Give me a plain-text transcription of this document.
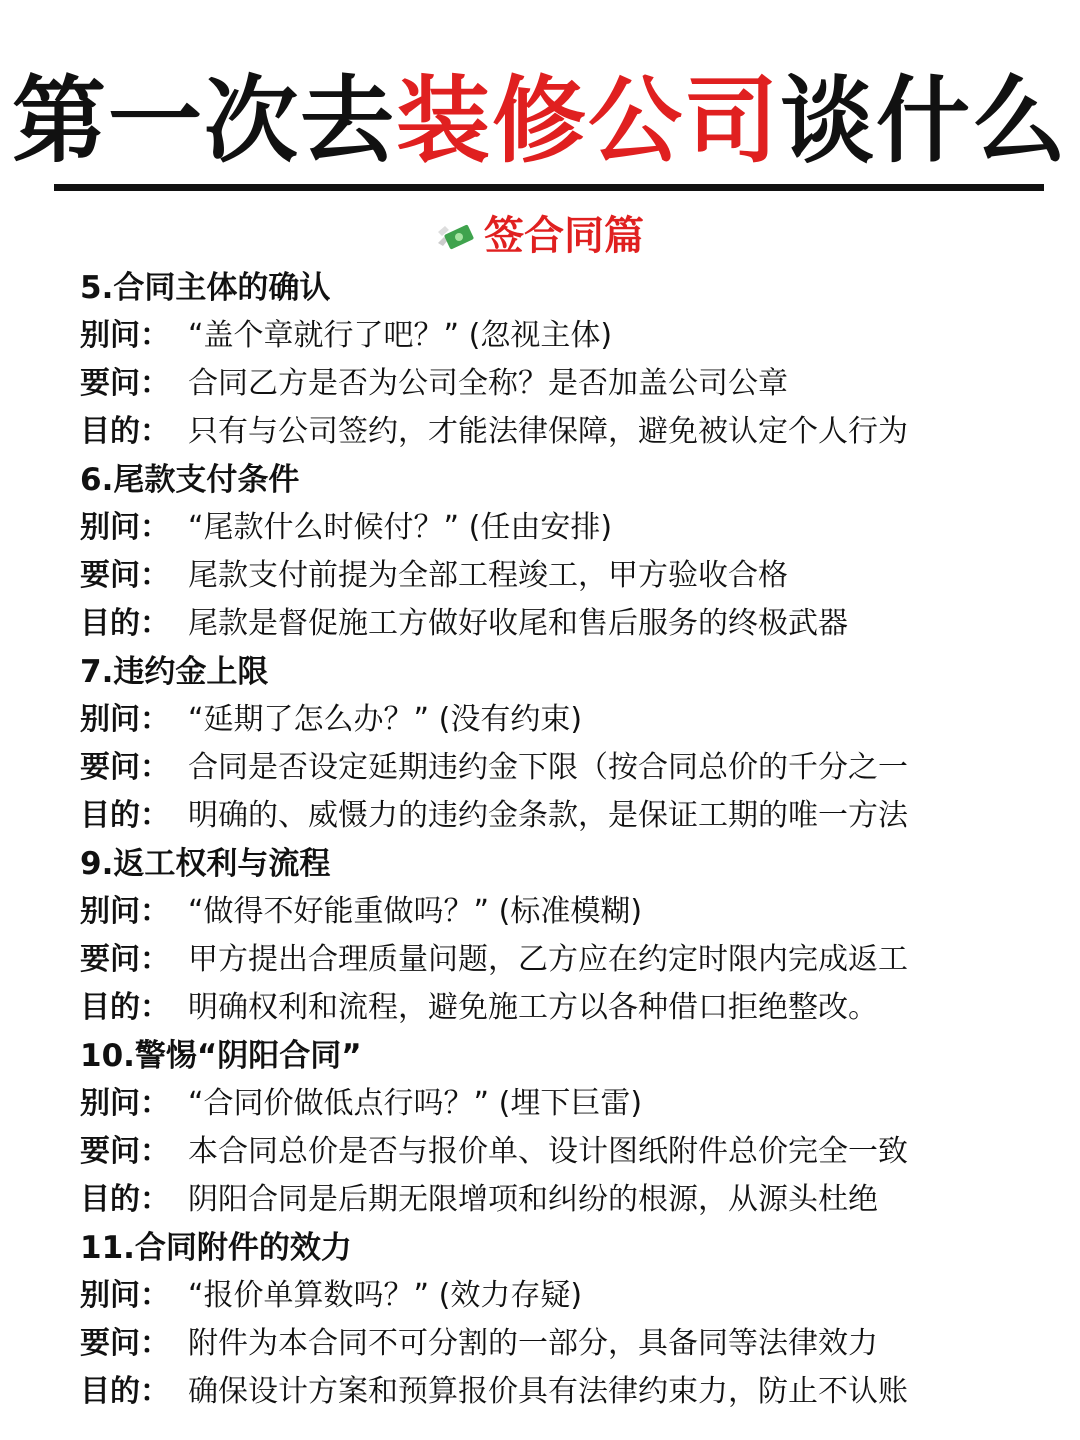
第一次去装修公司谈什么
签合同篇
5.合同主体的确认
别问： “盖个章就行了吧？” (忽视主体)
要问： 合同乙方是否为公司全称？是否加盖公司公章
目的： 只有与公司签约，才能法律保障，避免被认定个人行为
6.尾款支付条件
别问： “尾款什么时候付？” (任由安排)
要问： 尾款支付前提为全部工程竣工，甲方验收合格
目的： 尾款是督促施工方做好收尾和售后服务的终极武器
7.违约金上限
别问： “延期了怎么办？” (没有约束)
要问： 合同是否设定延期违约金下限（按合同总价的千分之一
目的： 明确的、威慑力的违约金条款，是保证工期的唯一方法
9.返工权利与流程
别问： “做得不好能重做吗？” (标准模糊)
要问： 甲方提出合理质量问题，乙方应在约定时限内完成返工
目的： 明确权利和流程，避免施工方以各种借口拒绝整改。
10.警惕“阴阳合同”
别问： “合同价做低点行吗？” (埋下巨雷)
要问： 本合同总价是否与报价单、设计图纸附件总价完全一致
目的： 阴阳合同是后期无限增项和纠纷的根源，从源头杜绝
11.合同附件的效力
别问： “报价单算数吗？” (效力存疑)
要问： 附件为本合同不可分割的一部分，具备同等法律效力
目的： 确保设计方案和预算报价具有法律约束力，防止不认账
